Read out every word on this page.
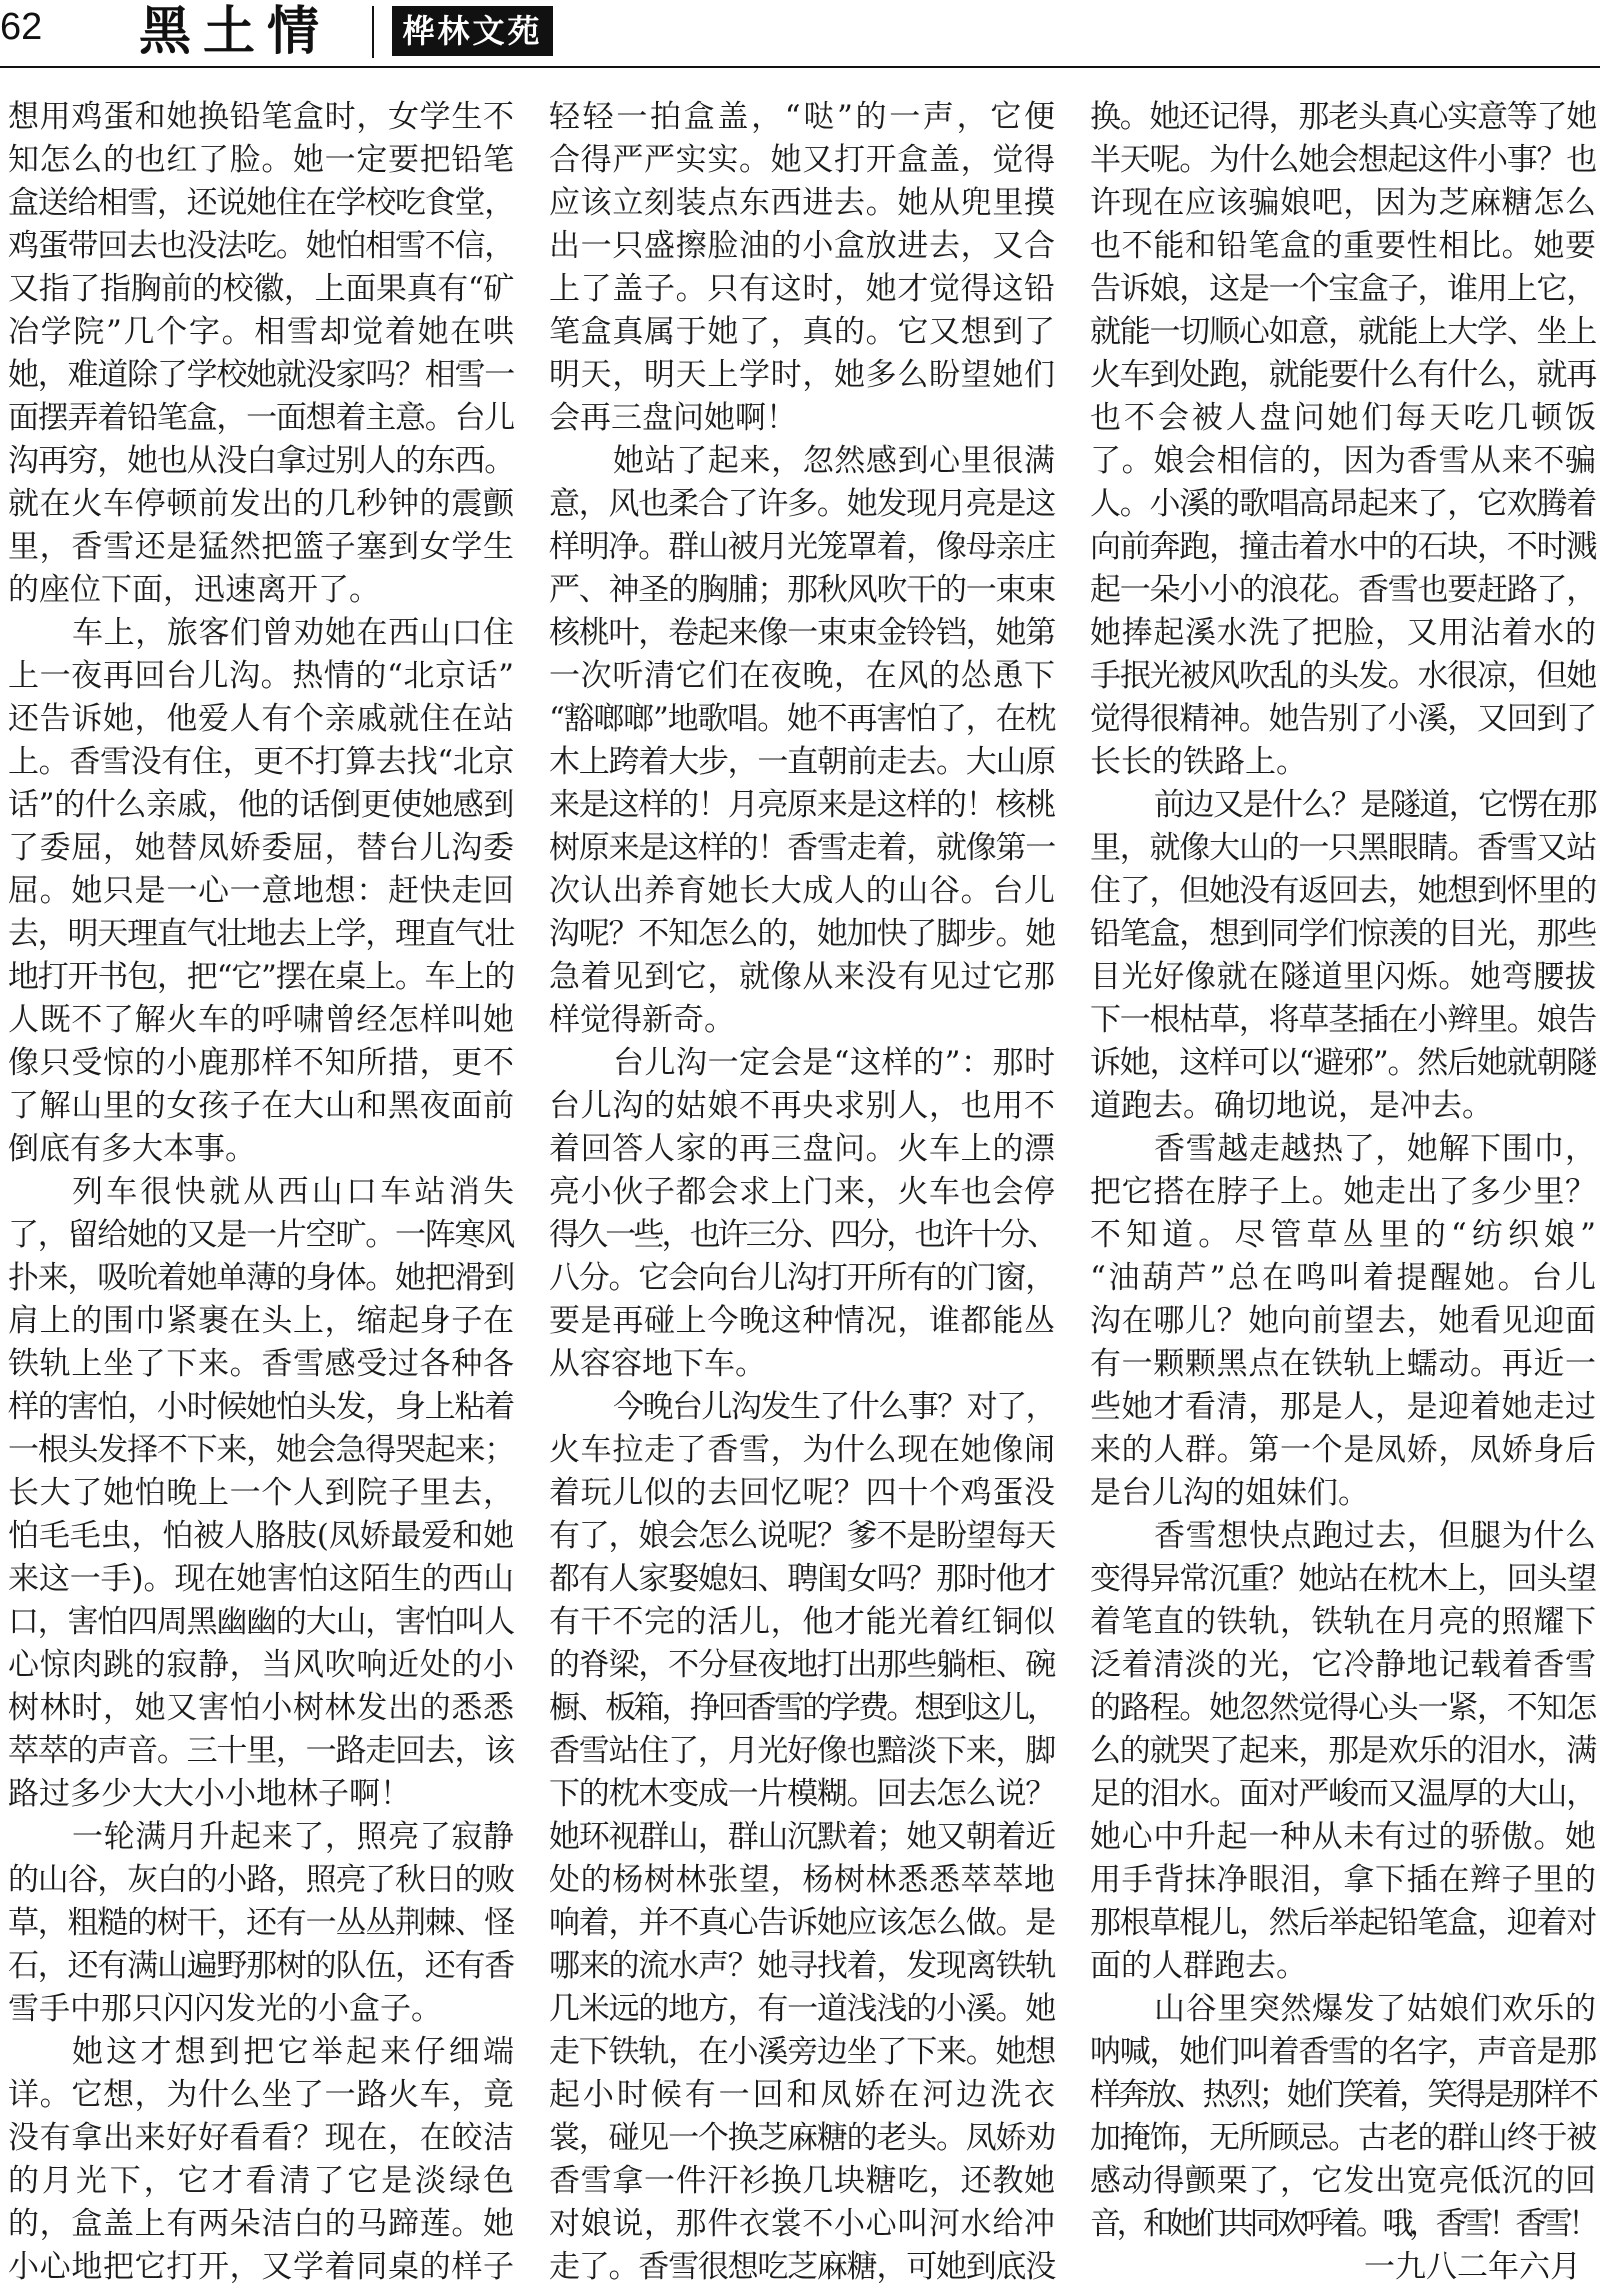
62 黑土情 桦林文苑
想用鸡蛋和她换铅笔盒时，女学生不
知怎么的也红了脸。她一定要把铅笔
盒送给相雪，还说她住在学校吃食堂，
鸡蛋带回去也没法吃。她怕相雪不信，
又指了指胸前的校徽，上面果真有“矿
冶学院”几个字。相雪却觉着她在哄
她，难道除了学校她就没家吗？相雪一
面摆弄着铅笔盒，一面想着主意。台儿
沟再穷，她也从没白拿过别人的东西。
就在火车停顿前发出的几秒钟的震颤
里，香雪还是猛然把篮子塞到女学生
的座位下面，迅速离开了。
车上，旅客们曾劝她在西山口住
上一夜再回台儿沟。热情的“北京话”
还告诉她，他爱人有个亲戚就住在站
上。香雪没有住，更不打算去找“北京
话”的什么亲戚，他的话倒更使她感到
了委屈，她替凤娇委屈，替台儿沟委
屈。她只是一心一意地想：赶快走回
去，明天理直气壮地去上学，理直气壮
地打开书包，把“它”摆在桌上。车上的
人既不了解火车的呼啸曾经怎样叫她
像只受惊的小鹿那样不知所措，更不
了解山里的女孩子在大山和黑夜面前
倒底有多大本事。
列车很快就从西山口车站消失
了，留给她的又是一片空旷。一阵寒风
扑来，吸吮着她单薄的身体。她把滑到
肩上的围巾紧裹在头上，缩起身子在
铁轨上坐了下来。香雪感受过各种各
样的害怕，小时候她怕头发，身上粘着
一根头发择不下来，她会急得哭起来；
长大了她怕晚上一个人到院子里去，
怕毛毛虫，怕被人胳肢(凤娇最爱和她
来这一手)。现在她害怕这陌生的西山
口，害怕四周黑幽幽的大山，害怕叫人
心惊肉跳的寂静，当风吹响近处的小
树林时，她又害怕小树林发出的悉悉
萃萃的声音。三十里，一路走回去，该
路过多少大大小小地林子啊！
一轮满月升起来了，照亮了寂静
的山谷，灰白的小路，照亮了秋日的败
草，粗糙的树干，还有一丛丛荆棘、怪
石，还有满山遍野那树的队伍，还有香
雪手中那只闪闪发光的小盒子。
她这才想到把它举起来仔细端
详。它想，为什么坐了一路火车，竟
没有拿出来好好看看？现在，在皎洁
的月光下，它才看清了它是淡绿色
的，盒盖上有两朵洁白的马蹄莲。她
小心地把它打开，又学着同桌的样子
轻轻一拍盒盖，“哒”的一声，它便
合得严严实实。她又打开盒盖，觉得
应该立刻装点东西进去。她从兜里摸
出一只盛擦脸油的小盒放进去，又合
上了盖子。只有这时，她才觉得这铅
笔盒真属于她了，真的。它又想到了
明天，明天上学时，她多么盼望她们
会再三盘问她啊！
她站了起来，忽然感到心里很满
意，风也柔合了许多。她发现月亮是这
样明净。群山被月光笼罩着，像母亲庄
严、神圣的胸脯；那秋风吹干的一束束
核桃叶，卷起来像一束束金铃铛，她第
一次听清它们在夜晚，在风的怂恿下
“豁啷啷”地歌唱。她不再害怕了，在枕
木上跨着大步，一直朝前走去。大山原
来是这样的！月亮原来是这样的！核桃
树原来是这样的！香雪走着，就像第一
次认出养育她长大成人的山谷。台儿
沟呢？不知怎么的，她加快了脚步。她
急着见到它，就像从来没有见过它那
样觉得新奇。
台儿沟一定会是“这样的”：那时
台儿沟的姑娘不再央求别人，也用不
着回答人家的再三盘问。火车上的漂
亮小伙子都会求上门来，火车也会停
得久一些，也许三分、四分，也许十分、
八分。它会向台儿沟打开所有的门窗，
要是再碰上今晚这种情况，谁都能丛
从容容地下车。
今晚台儿沟发生了什么事？对了，
火车拉走了香雪，为什么现在她像闹
着玩儿似的去回忆呢？四十个鸡蛋没
有了，娘会怎么说呢？爹不是盼望每天
都有人家娶媳妇、聘闺女吗？那时他才
有干不完的活儿，他才能光着红铜似
的脊梁，不分昼夜地打出那些躺柜、碗
橱、板箱，挣回香雪的学费。想到这儿，
香雪站住了，月光好像也黯淡下来，脚
下的枕木变成一片模糊。回去怎么说？
她环视群山，群山沉默着；她又朝着近
处的杨树林张望，杨树林悉悉萃萃地
响着，并不真心告诉她应该怎么做。是
哪来的流水声？她寻找着，发现离铁轨
几米远的地方，有一道浅浅的小溪。她
走下铁轨，在小溪旁边坐了下来。她想
起小时候有一回和凤娇在河边洗衣
裳，碰见一个换芝麻糖的老头。凤娇劝
香雪拿一件汗衫换几块糖吃，还教她
对娘说，那件衣裳不小心叫河水给冲
走了。香雪很想吃芝麻糖，可她到底没
换。她还记得，那老头真心实意等了她
半天呢。为什么她会想起这件小事？也
许现在应该骗娘吧，因为芝麻糖怎么
也不能和铅笔盒的重要性相比。她要
告诉娘，这是一个宝盒子，谁用上它，
就能一切顺心如意，就能上大学、坐上
火车到处跑，就能要什么有什么，就再
也不会被人盘问她们每天吃几顿饭
了。娘会相信的，因为香雪从来不骗
人。小溪的歌唱高昂起来了，它欢腾着
向前奔跑，撞击着水中的石块，不时溅
起一朵小小的浪花。香雪也要赶路了，
她捧起溪水洗了把脸，又用沾着水的
手抿光被风吹乱的头发。水很凉，但她
觉得很精神。她告别了小溪，又回到了
长长的铁路上。
前边又是什么？是隧道，它愣在那
里，就像大山的一只黑眼睛。香雪又站
住了，但她没有返回去，她想到怀里的
铅笔盒，想到同学们惊羡的目光，那些
目光好像就在隧道里闪烁。她弯腰拔
下一根枯草，将草茎插在小辫里。娘告
诉她，这样可以“避邪”。然后她就朝隧
道跑去。确切地说，是冲去。
香雪越走越热了，她解下围巾，
把它搭在脖子上。她走出了多少里？
不知道。尽管草丛里的“纺织娘”
“油葫芦”总在鸣叫着提醒她。台儿
沟在哪儿？她向前望去，她看见迎面
有一颗颗黑点在铁轨上蠕动。再近一
些她才看清，那是人，是迎着她走过
来的人群。第一个是凤娇，凤娇身后
是台儿沟的姐妹们。
香雪想快点跑过去，但腿为什么
变得异常沉重？她站在枕木上，回头望
着笔直的铁轨，铁轨在月亮的照耀下
泛着清淡的光，它冷静地记载着香雪
的路程。她忽然觉得心头一紧，不知怎
么的就哭了起来，那是欢乐的泪水，满
足的泪水。面对严峻而又温厚的大山，
她心中升起一种从未有过的骄傲。她
用手背抹净眼泪，拿下插在辫子里的
那根草棍儿，然后举起铅笔盒，迎着对
面的人群跑去。
山谷里突然爆发了姑娘们欢乐的
呐喊，她们叫着香雪的名字，声音是那
样奔放、热烈；她们笑着，笑得是那样不
加掩饰，无所顾忌。古老的群山终于被
感动得颤栗了，它发出宽亮低沉的回
音，和她们共同欢呼着。哦，香雪！香雪！
一九八二年六月
